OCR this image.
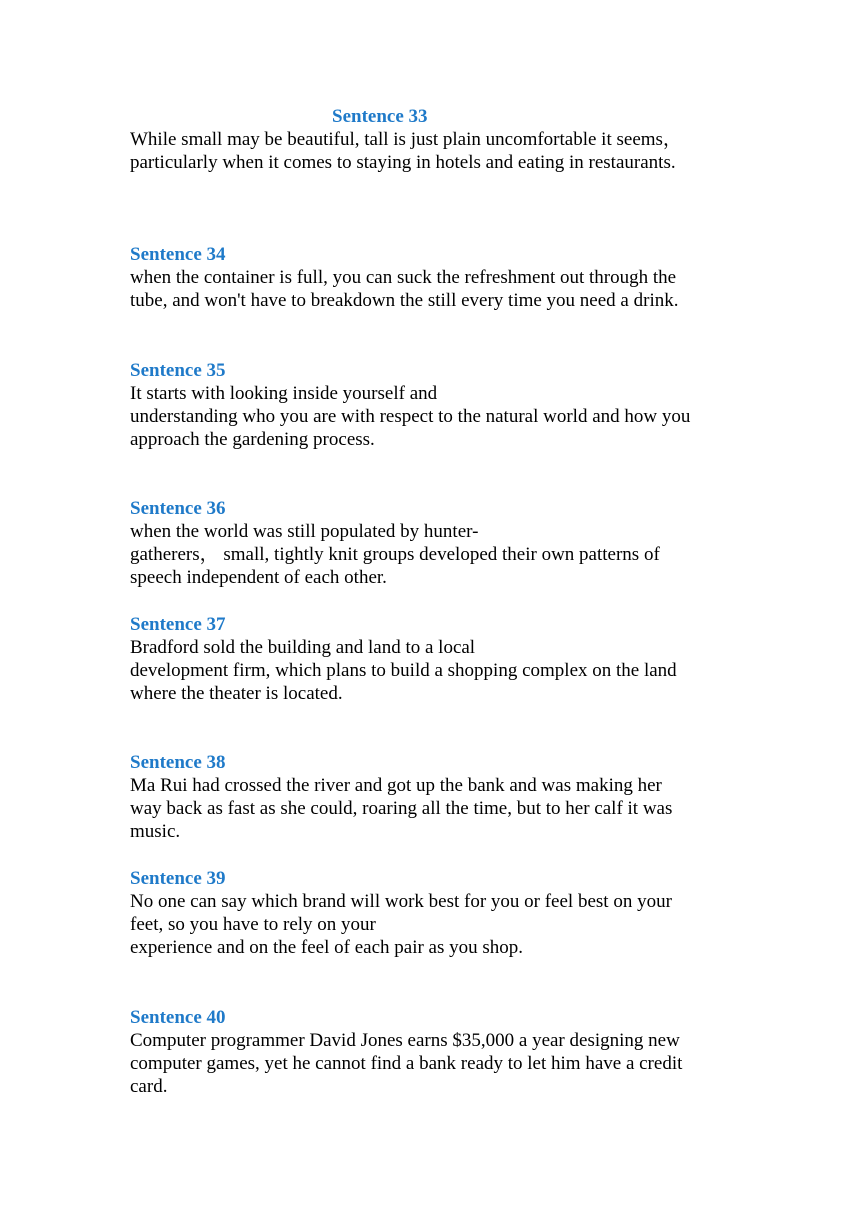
Sentence 33
While small may be beautiful, tall is just plain uncomfortable it seems，
particularly when it comes to staying in hotels and eating in restaurants.
Sentence 34
when the container is full, you can suck the refreshment out through the
tube, and won't have to breakdown the still every time you need a drink.
Sentence 35
It starts with looking inside yourself and
understanding who you are with respect to the natural world and how you
approach the gardening process.
Sentence 36
when the world was still populated by hunter-
gatherers， small, tightly knit groups developed their own patterns of
speech independent of each other.
Sentence 37
Bradford sold the building and land to a local
development firm, which plans to build a shopping complex on the land
where the theater is located.
Sentence 38
Ma Rui had crossed the river and got up the bank and was making her
way back as fast as she could, roaring all the time, but to her calf it was
music.
Sentence 39
No one can say which brand will work best for you or feel best on your
feet, so you have to rely on your
experience and on the feel of each pair as you shop.
Sentence 40
Computer programmer David Jones earns $35,000 a year designing new
computer games, yet he cannot find a bank ready to let him have a credit
card.
